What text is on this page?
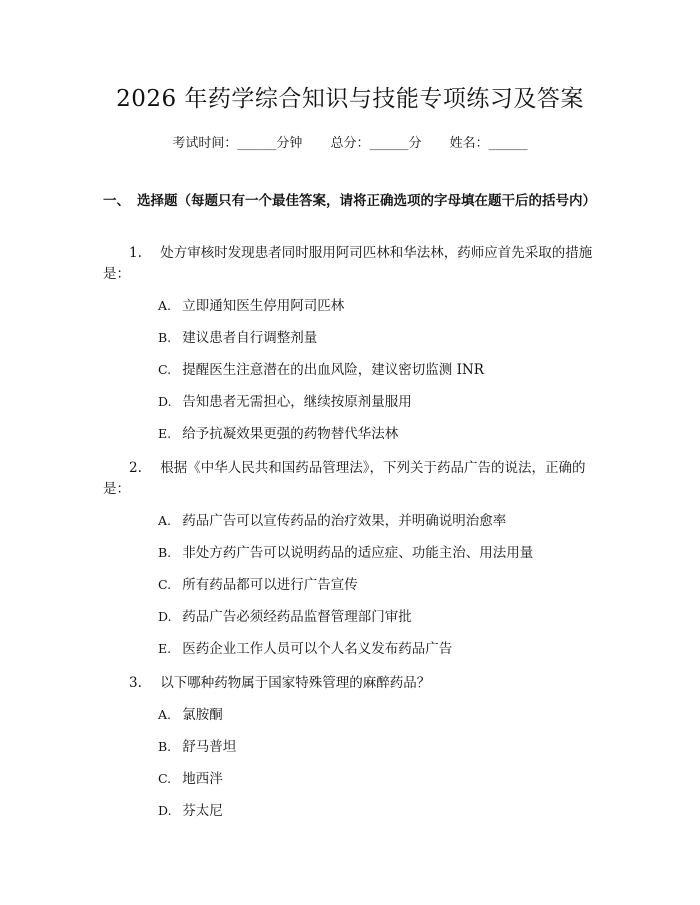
2026 年药学综合知识与技能专项练习及答案
考试时间：______分钟 总分：______分 姓名：______
一、 选择题（每题只有一个最佳答案，请将正确选项的字母填在题干后的括号内）
1. 处方审核时发现患者同时服用阿司匹林和华法林，药师应首先采取的措施是：
A. 立即通知医生停用阿司匹林
B. 建议患者自行调整剂量
C. 提醒医生注意潜在的出血风险，建议密切监测 INR
D. 告知患者无需担心，继续按原剂量服用
E. 给予抗凝效果更强的药物替代华法林
2. 根据《中华人民共和国药品管理法》，下列关于药品广告的说法，正确的是：
A. 药品广告可以宣传药品的治疗效果，并明确说明治愈率
B. 非处方药广告可以说明药品的适应症、功能主治、用法用量
C. 所有药品都可以进行广告宣传
D. 药品广告必须经药品监督管理部门审批
E. 医药企业工作人员可以个人名义发布药品广告
3. 以下哪种药物属于国家特殊管理的麻醉药品？
A. 氯胺酮
B. 舒马普坦
C. 地西泮
D. 芬太尼
